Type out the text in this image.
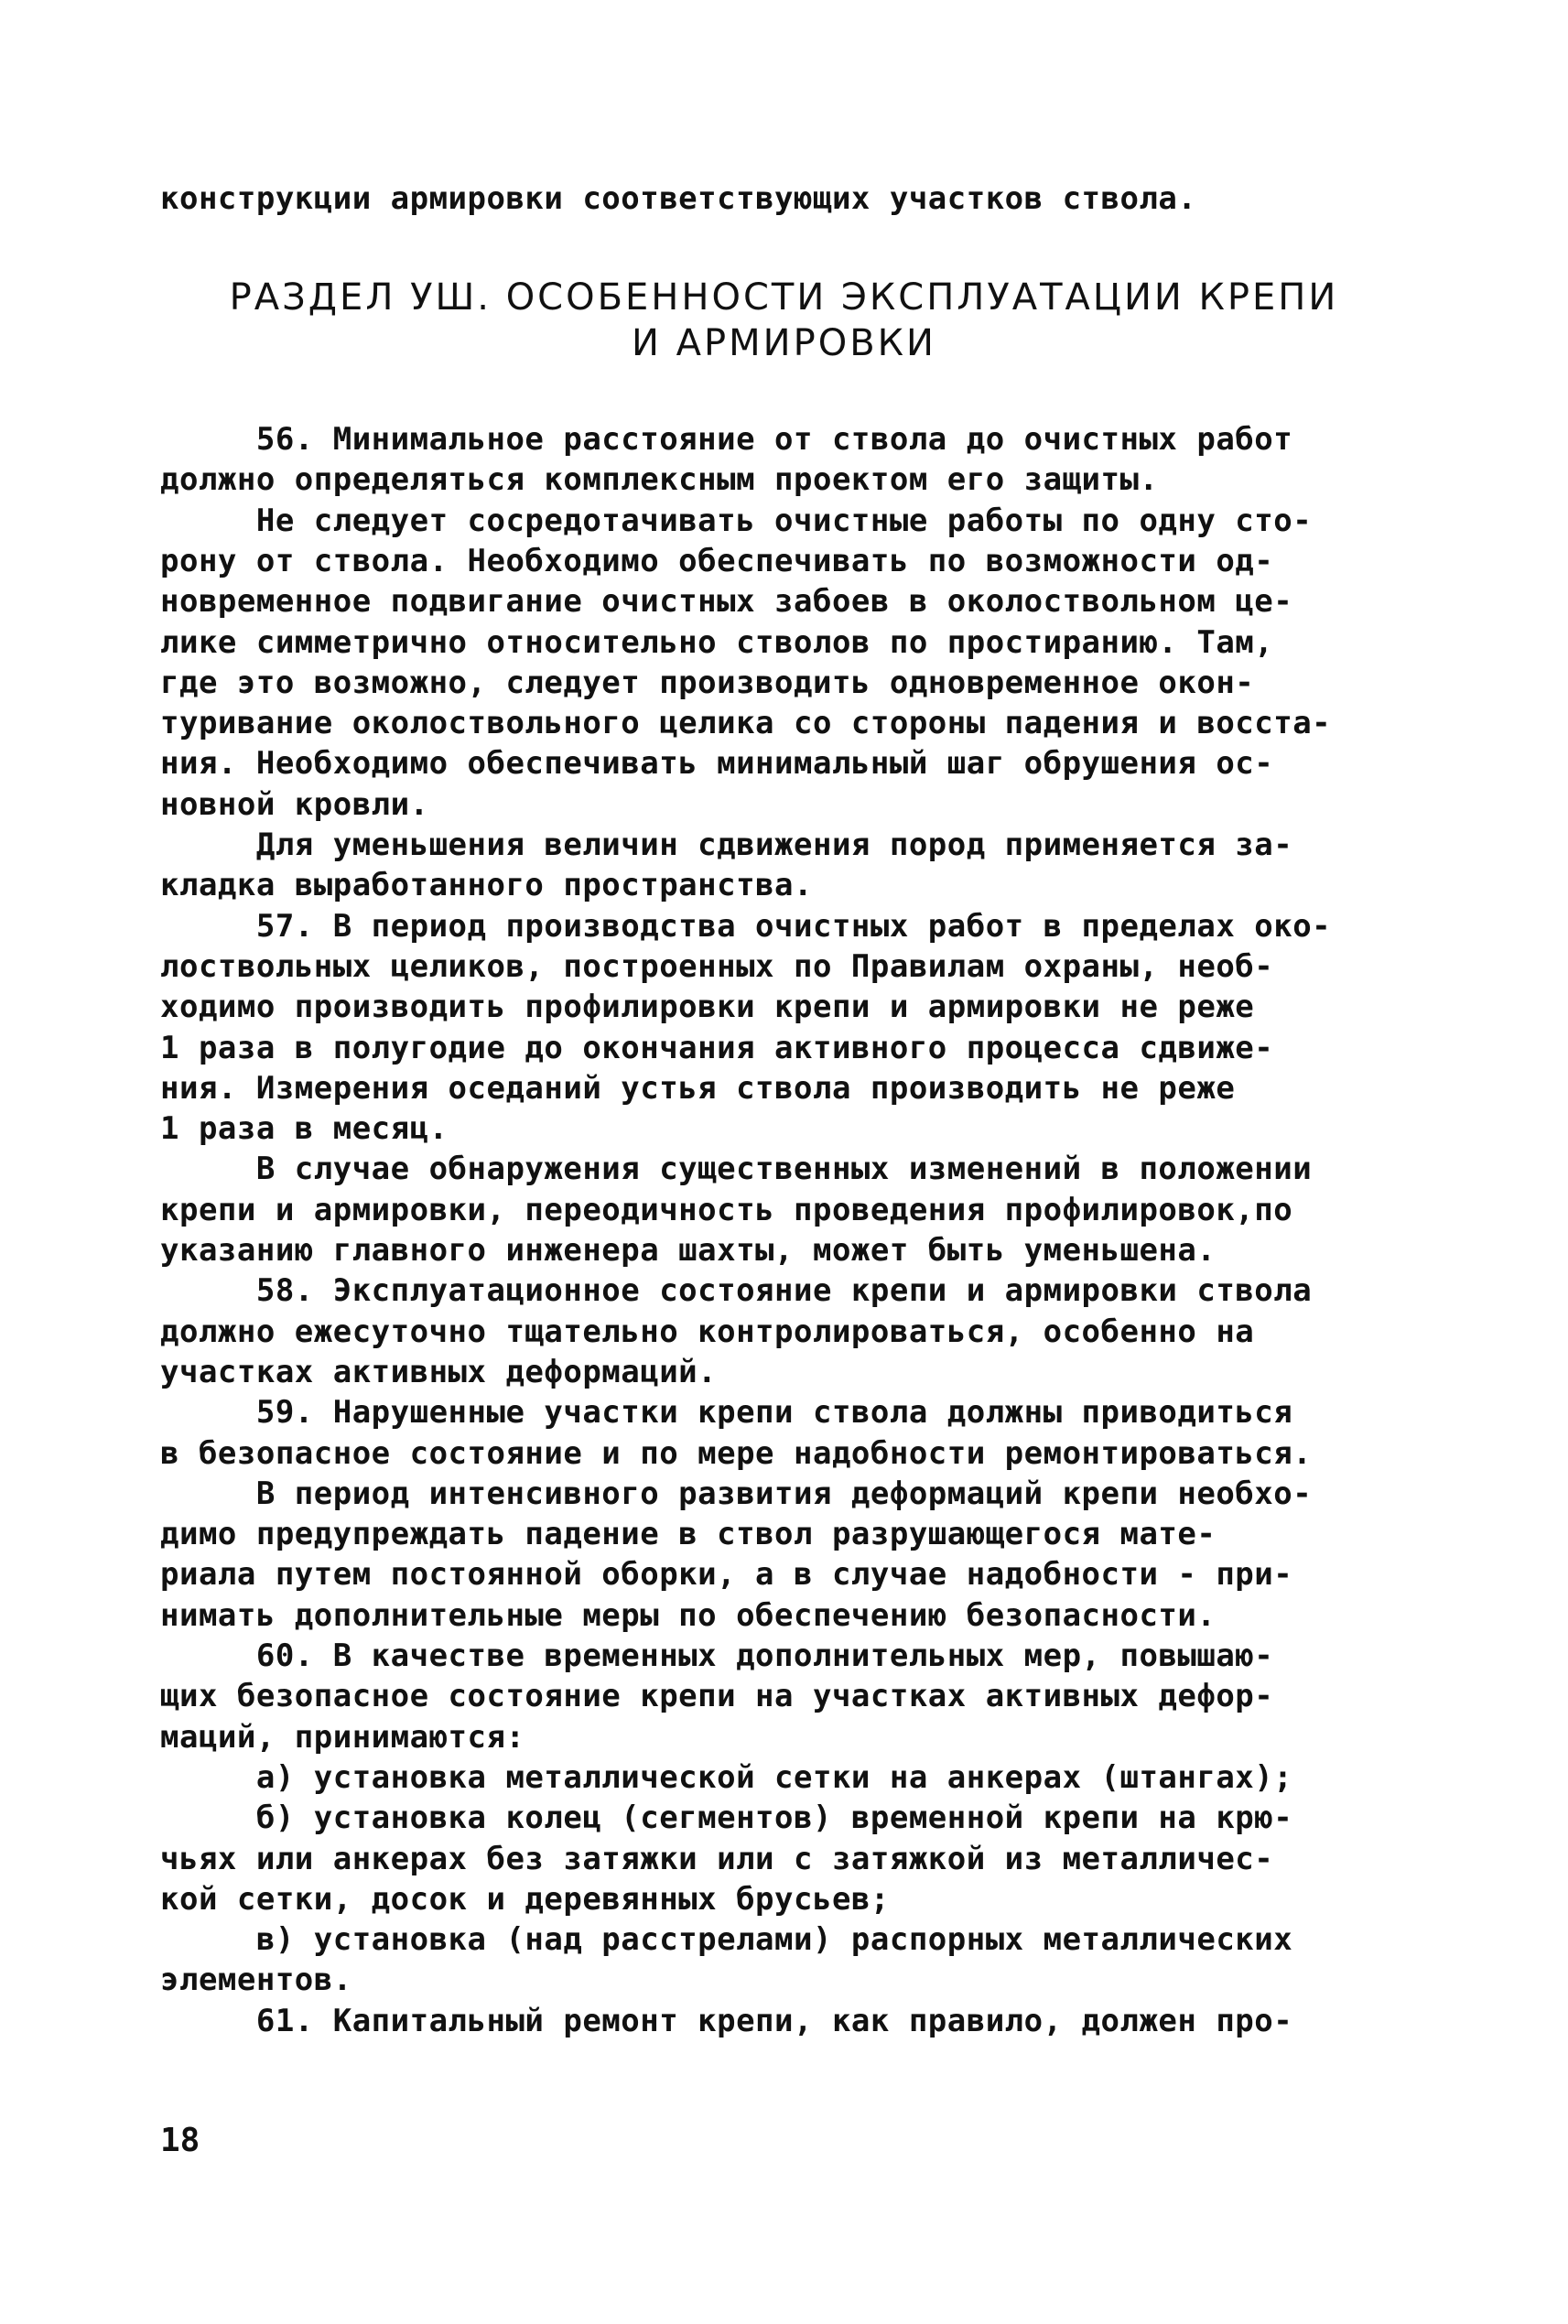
конструкции армировки соответствующих участков ствола.
РАЗДЕЛ УШ. ОСОБЕННОСТИ ЭКСПЛУАТАЦИИ КРЕПИ
И АРМИРОВКИ
56. Минимальное расстояние от ствола до очистных работ
должно определяться комплексным проектом его защиты.
Не следует сосредотачивать очистные работы по одну сто-
рону от ствола. Необходимо обеспечивать по возможности од-
новременное подвигание очистных забоев в околоствольном це-
лике симметрично относительно стволов по простиранию. Там,
где это возможно, следует производить одновременное окон-
туривание околоствольного целика со стороны падения и восста-
ния. Необходимо обеспечивать минимальный шаг обрушения ос-
новной кровли.
Для уменьшения величин сдвижения пород применяется за-
кладка выработанного пространства.
57. В период производства очистных работ в пределах око-
лоствольных целиков, построенных по Правилам охраны, необ-
ходимо производить профилировки крепи и армировки не реже
1 раза в полугодие до окончания активного процесса сдвиже-
ния. Измерения оседаний устья ствола производить не реже
1 раза в месяц.
В случае обнаружения существенных изменений в положении
крепи и армировки, переодичность проведения профилировок,по
указанию главного инженера шахты, может быть уменьшена.
58. Эксплуатационное состояние крепи и армировки ствола
должно ежесуточно тщательно контролироваться, особенно на
участках активных деформаций.
59. Нарушенные участки крепи ствола должны приводиться
в безопасное состояние и по мере надобности ремонтироваться.
В период интенсивного развития деформаций крепи необхо-
димо предупреждать падение в ствол разрушающегося мате-
риала путем постоянной оборки, а в случае надобности - при-
нимать дополнительные меры по обеспечению безопасности.
60. В качестве временных дополнительных мер, повышаю-
щих безопасное состояние крепи на участках активных дефор-
маций, принимаются:
а) установка металлической сетки на анкерах (штангах);
б) установка колец (сегментов) временной крепи на крю-
чьях или анкерах без затяжки или с затяжкой из металличес-
кой сетки, досок и деревянных брусьев;
в) установка (над расстрелами) распорных металлических
элементов.
61. Капитальный ремонт крепи, как правило, должен про-
18
